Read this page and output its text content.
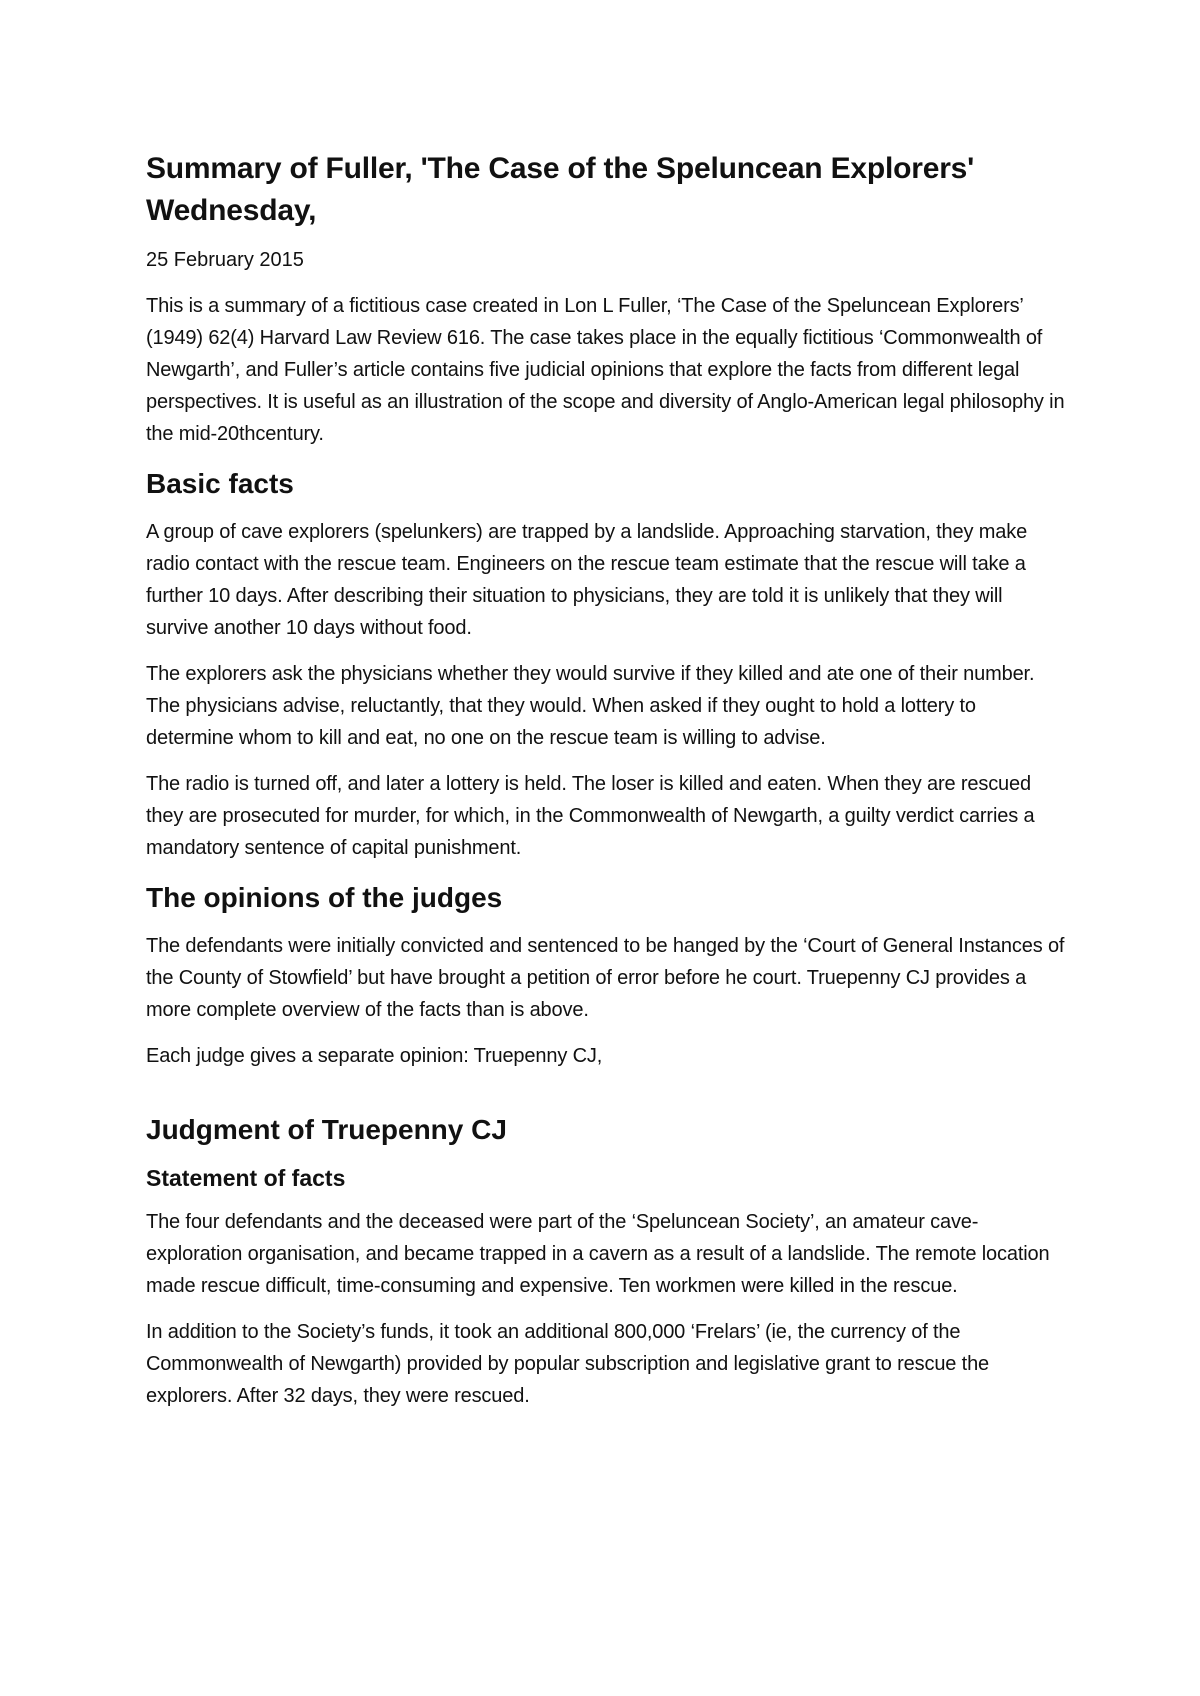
Summary of Fuller, 'The Case of the Speluncean Explorers' Wednesday,
25 February 2015

This is a summary of a fictitious case created in Lon L Fuller, ‘The Case of the Speluncean Explorers’ (1949) 62(4) Harvard Law Review 616. The case takes place in the equally fictitious ‘Commonwealth of Newgarth’, and Fuller’s article contains five judicial opinions that explore the facts from different legal perspectives. It is useful as an illustration of the scope and diversity of Anglo-American legal philosophy in the mid-20thcentury.

Basic facts

A group of cave explorers (spelunkers) are trapped by a landslide. Approaching starvation, they make radio contact with the rescue team. Engineers on the rescue team estimate that the rescue will take a further 10 days. After describing their situation to physicians, they are told it is unlikely that they will survive another 10 days without food.

The explorers ask the physicians whether they would survive if they killed and ate one of their number. The physicians advise, reluctantly, that they would. When asked if they ought to hold a lottery to determine whom to kill and eat, no one on the rescue team is willing to advise.

The radio is turned off, and later a lottery is held. The loser is killed and eaten. When they are rescued they are prosecuted for murder, for which, in the Commonwealth of Newgarth, a guilty verdict carries a mandatory sentence of capital punishment.

The opinions of the judges

The defendants were initially convicted and sentenced to be hanged by the ‘Court of General Instances of the County of Stowfield’ but have brought a petition of error before he court. Truepenny CJ provides a more complete overview of the facts than is above.

Each judge gives a separate opinion: Truepenny CJ,

Judgment of Truepenny CJ
Statement of facts

The four defendants and the deceased were part of the ‘Speluncean Society’, an amateur cave-exploration organisation, and became trapped in a cavern as a result of a landslide. The remote location made rescue difficult, time-consuming and expensive. Ten workmen were killed in the rescue.

In addition to the Society’s funds, it took an additional 800,000 ‘Frelars’ (ie, the currency of the Commonwealth of Newgarth) provided by popular subscription and legislative grant to rescue the explorers. After 32 days, they were rescued.
